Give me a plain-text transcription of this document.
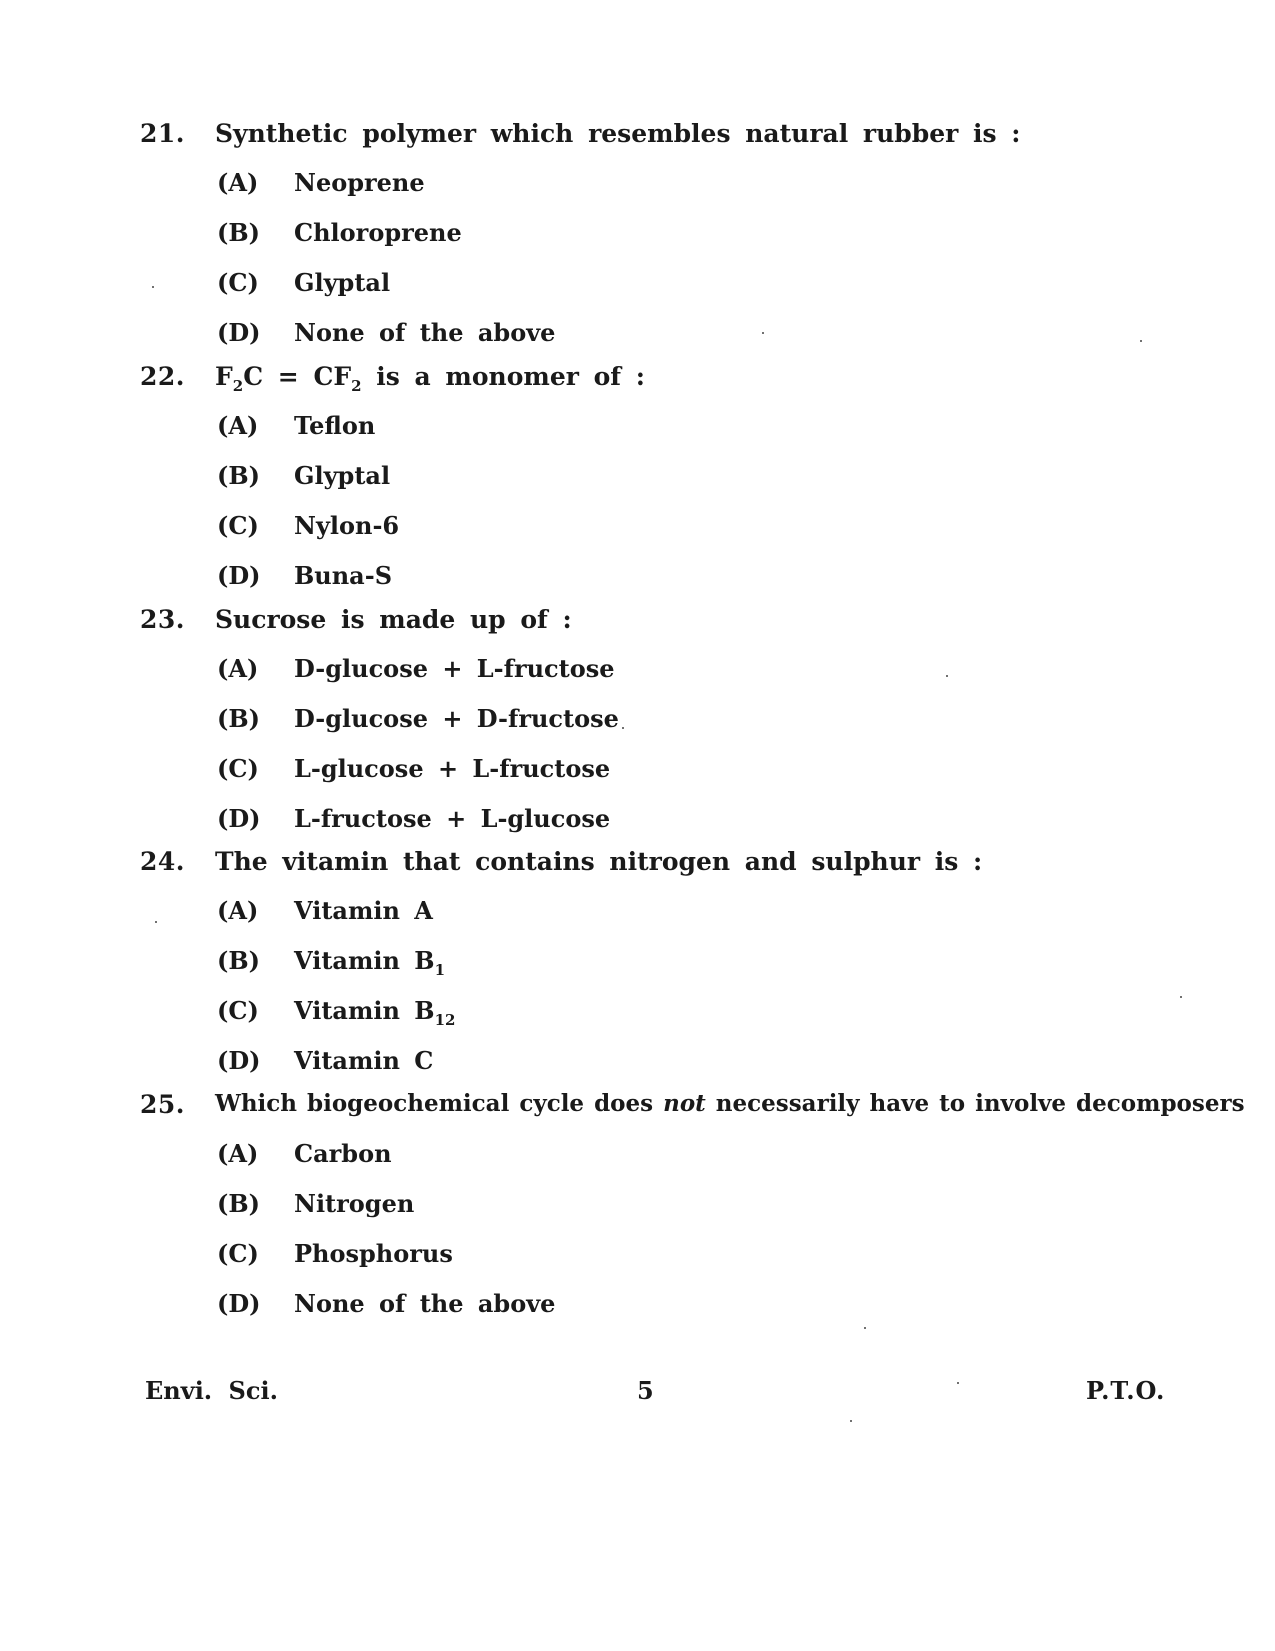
21. Synthetic polymer which resembles natural rubber is :
(A) Neoprene
(B) Chloroprene
(C) Glyptal
(D) None of the above
22. $F_2C = CF_2$ is a monomer of :
(A) Teflon
(B) Glyptal
(C) Nylon-6
(D) Buna-S
23. Sucrose is made up of :
(A) D-glucose + L-fructose
(B) D-glucose + D-fructose
(C) L-glucose + L-fructose
(D) L-fructose + L-glucose
24. The vitamin that contains nitrogen and sulphur is :
(A) Vitamin A
(B) Vitamin $B_1$
(C) Vitamin $B_{12}$
(D) Vitamin C
25. Which biogeochemical cycle does not necessarily have to involve decomposers
(A) Carbon
(B) Nitrogen
(C) Phosphorus
(D) None of the above
Envi. Sci.	5	P.T.O.
